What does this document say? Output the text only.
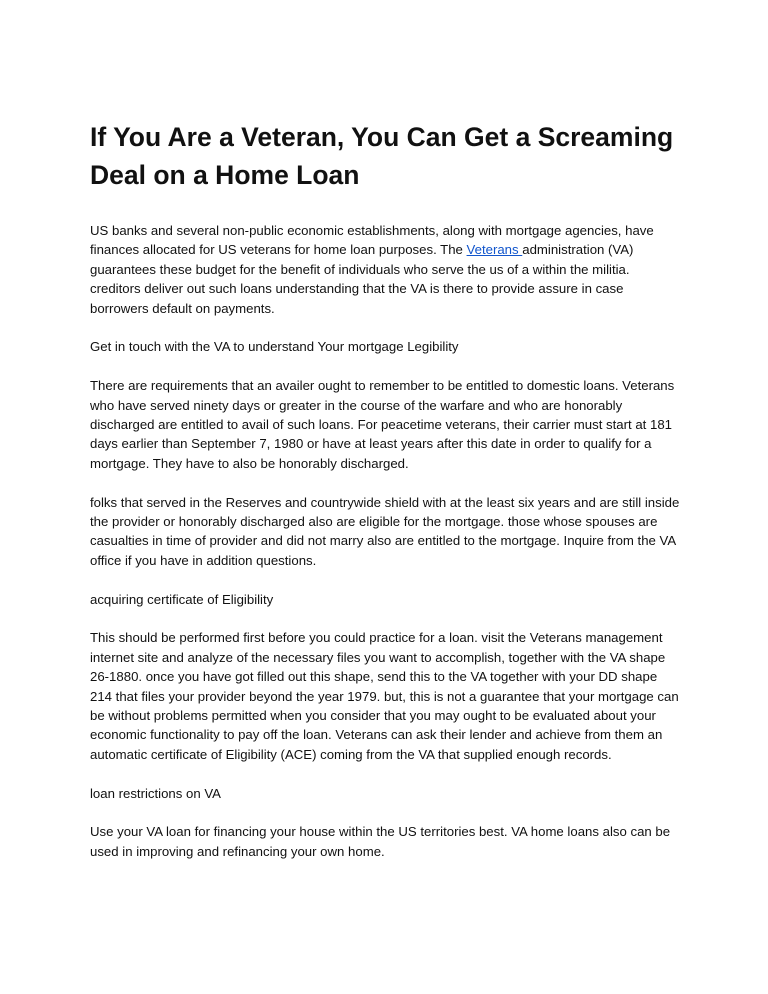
If You Are a Veteran, You Can Get a Screaming Deal on a Home Loan

US banks and several non-public economic establishments, along with mortgage agencies, have finances allocated for US veterans for home loan purposes. The Veterans administration (VA) guarantees these budget for the benefit of individuals who serve the us of a within the militia. creditors deliver out such loans understanding that the VA is there to provide assure in case borrowers default on payments.

Get in touch with the VA to understand Your mortgage Legibility

There are requirements that an availer ought to remember to be entitled to domestic loans. Veterans who have served ninety days or greater in the course of the warfare and who are honorably discharged are entitled to avail of such loans. For peacetime veterans, their carrier must start at 181 days earlier than September 7, 1980 or have at least years after this date in order to qualify for a mortgage. They have to also be honorably discharged.

folks that served in the Reserves and countrywide shield with at the least six years and are still inside the provider or honorably discharged also are eligible for the mortgage. those whose spouses are casualties in time of provider and did not marry also are entitled to the mortgage. Inquire from the VA office if you have in addition questions.

acquiring certificate of Eligibility

This should be performed first before you could practice for a loan. visit the Veterans management internet site and analyze of the necessary files you want to accomplish, together with the VA shape 26-1880. once you have got filled out this shape, send this to the VA together with your DD shape 214 that files your provider beyond the year 1979. but, this is not a guarantee that your mortgage can be without problems permitted when you consider that you may ought to be evaluated about your economic functionality to pay off the loan. Veterans can ask their lender and achieve from them an automatic certificate of Eligibility (ACE) coming from the VA that supplied enough records.

loan restrictions on VA

Use your VA loan for financing your house within the US territories best. VA home loans also can be used in improving and refinancing your own home.
